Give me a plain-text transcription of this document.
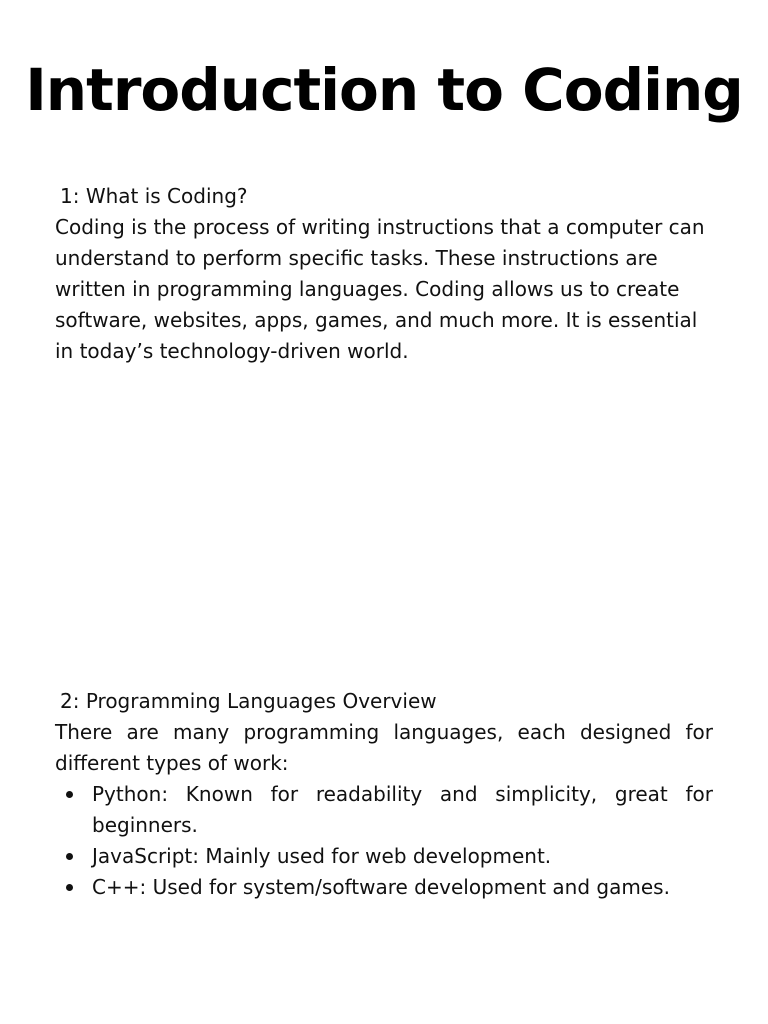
Introduction to Coding

1: What is Coding?

Coding is the process of writing instructions that a computer can understand to perform specific tasks. These instructions are written in programming languages. Coding allows us to create software, websites, apps, games, and much more. It is essential in today’s technology-driven world.

2: Programming Languages Overview

There are many programming languages, each designed for different types of work:

Python: Known for readability and simplicity, great for beginners.
JavaScript: Mainly used for web development.
C++: Used for system/software development and games.
